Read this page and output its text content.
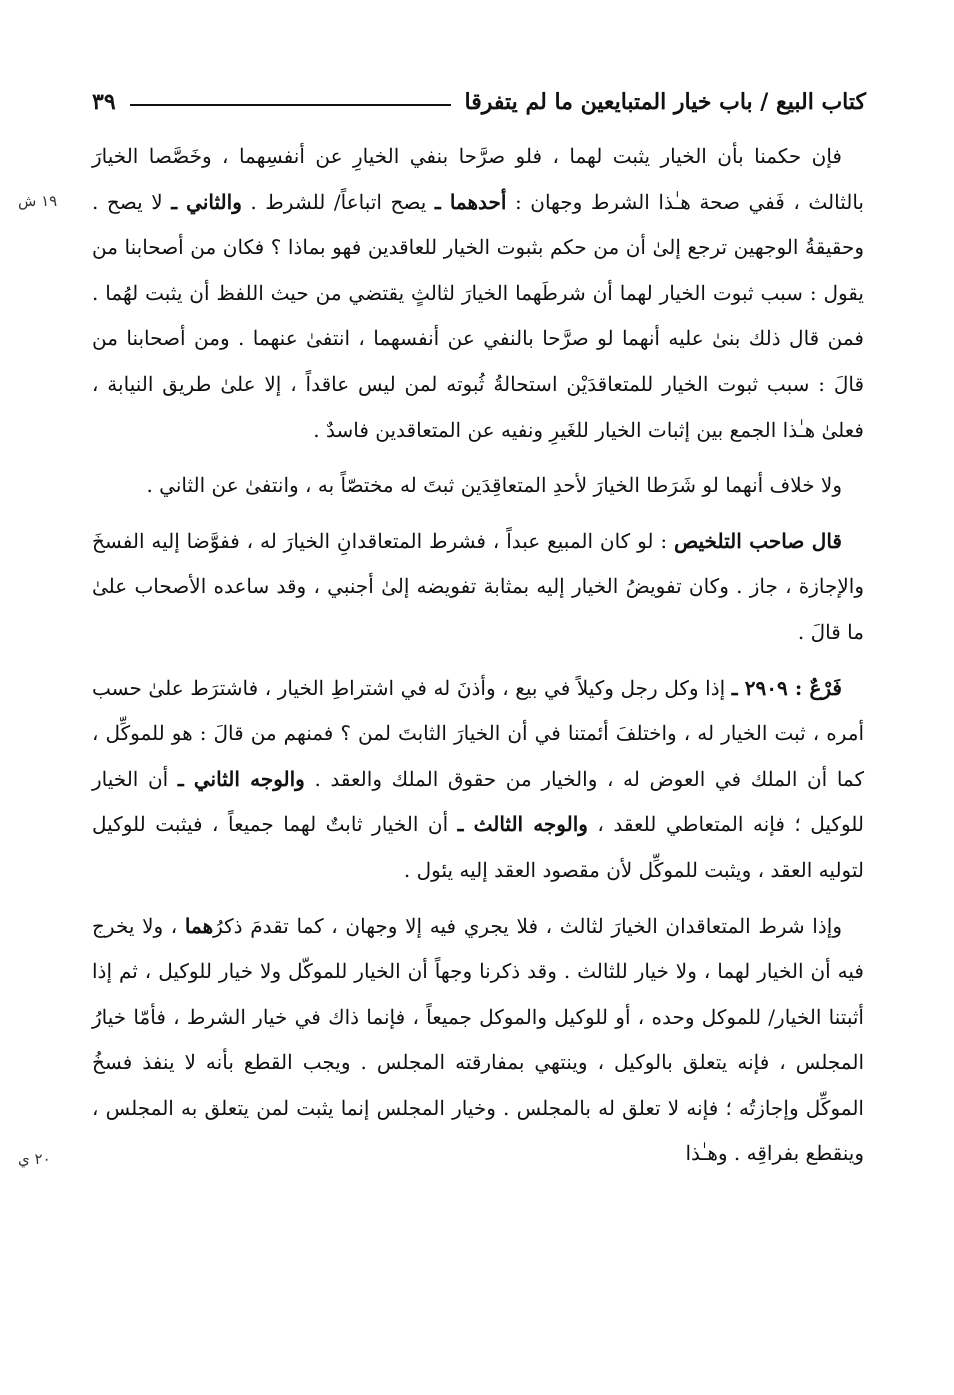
كتاب البيع / باب خيار المتبايعين ما لم يتفرقا
٣٩
١٩ ش
٢٠ ي

فإن حكمنا بأن الخيار يثبت لهما ، فلو صرَّحا بنفي الخيارِ عن أنفسِهما ، وخَصَّصا الخيارَ بالثالث ، فَفي صحة هـٰذا الشرط وجهان : أحدهما ـ يصح اتباعاً/ للشرط . والثاني ـ لا يصح . وحقيقةُ الوجهين ترجع إلىٰ أن من حكم بثبوت الخيار للعاقدين فهو بماذا ؟ فكان من أصحابنا من يقول : سبب ثبوت الخيار لهما أن شرطَهما الخيارَ لثالثٍ يقتضي من حيث اللفظ أن يثبت لهُما . فمن قال ذلك بنىٰ عليه أنهما لو صرَّحا بالنفي عن أنفسهما ، انتفىٰ عنهما . ومن أصحابنا من قالَ : سبب ثبوت الخيار للمتعاقدَيْن استحالةُ ثُبوته لمن ليس عاقداً ، إلا علىٰ طريق النيابة ، فعلىٰ هـٰذا الجمع بين إثبات الخيار للغَيرِ ونفيه عن المتعاقدين فاسدٌ .

ولا خلاف أنهما لو شَرَطا الخيارَ لأحدِ المتعاقِدَين ثبتَ له مختصّاً به ، وانتفىٰ عن الثاني .

قال صاحب التلخيص : لو كان المبيع عبداً ، فشرط المتعاقدانِ الخيارَ له ، ففوَّضا إليه الفسخَ والإجازة ، جاز . وكان تفويضُ الخيار إليه بمثابة تفويضه إلىٰ أجنبي ، وقد ساعده الأصحاب علىٰ ما قالَ .

فَرْعٌ : ٢٩٠٩ ـ إذا وكل رجل وكيلاً في بيع ، وأذنَ له في اشتراطِ الخيار ، فاشترَط علىٰ حسب أمره ، ثبت الخيار له ، واختلفَ أئمتنا في أن الخيارَ الثابتَ لمن ؟ فمنهم من قالَ : هو للموكِّل ، كما أن الملك في العوض له ، والخيار من حقوق الملك والعقد . والوجه الثاني ـ أن الخيار للوكيل ؛ فإنه المتعاطي للعقد ، والوجه الثالث ـ أن الخيار ثابتٌ لهما جميعاً ، فيثبت للوكيل لتوليه العقد ، ويثبت للموكِّل لأن مقصود العقد إليه يئول .

وإذا شرط المتعاقدان الخيارَ لثالث ، فلا يجري فيه إلا وجهان ، كما تقدمَ ذكرُهما ، ولا يخرج فيه أن الخيار لهما ، ولا خيار للثالث . وقد ذكرنا وجهاً أن الخيار للموكّل ولا خيار للوكيل ، ثم إذا أثبتنا الخيار/ للموكل وحده ، أو للوكيل والموكل جميعاً ، فإنما ذاك في خيار الشرط ، فأمّا خيارُ المجلس ، فإنه يتعلق بالوكيل ، وينتهي بمفارقته المجلس . ويجب القطع بأنه لا ينفذ فسخُ الموكِّل وإجازتُه ؛ فإنه لا تعلق له بالمجلس . وخيار المجلس إنما يثبت لمن يتعلق به المجلس ، وينقطع بفراقِه . وهـٰذا
